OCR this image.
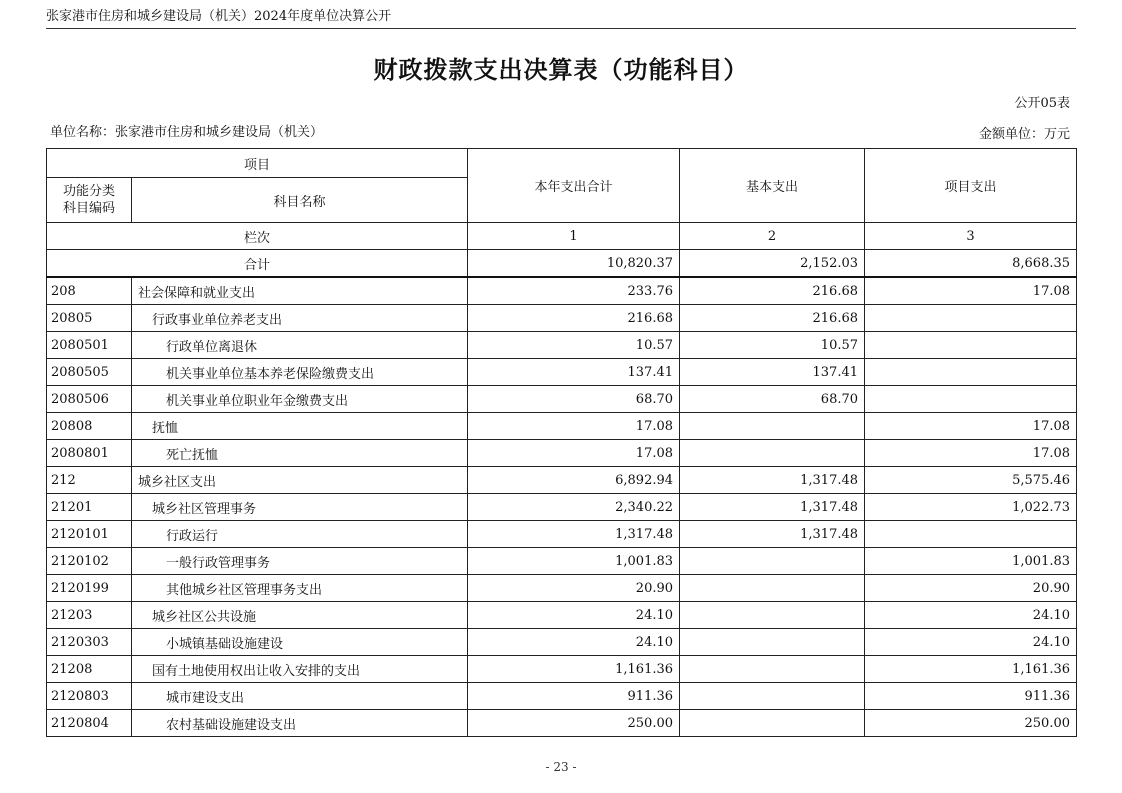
张家港市住房和城乡建设局（机关）2024年度单位决算公开
财政拨款支出决算表（功能科目）
公开05表
单位名称：张家港市住房和城乡建设局（机关）	金额单位：万元
项目		本年支出合计	基本支出	项目支出
功能分类
科目编码	科目名称			
栏次		1	2	3
合计		10,820.37	2,152.03	8,668.35
208	社会保障和就业支出	233.76	216.68	17.08
20805	行政事业单位养老支出	216.68	216.68	
2080501	行政单位离退休	10.57	10.57	
2080505	机关事业单位基本养老保险缴费支出	137.41	137.41	
2080506	机关事业单位职业年金缴费支出	68.70	68.70	
20808	抚恤	17.08		17.08
2080801	死亡抚恤	17.08		17.08
212	城乡社区支出	6,892.94	1,317.48	5,575.46
21201	城乡社区管理事务	2,340.22	1,317.48	1,022.73
2120101	行政运行	1,317.48	1,317.48	
2120102	一般行政管理事务	1,001.83		1,001.83
2120199	其他城乡社区管理事务支出	20.90		20.90
21203	城乡社区公共设施	24.10		24.10
2120303	小城镇基础设施建设	24.10		24.10
21208	国有土地使用权出让收入安排的支出	1,161.36		1,161.36
2120803	城市建设支出	911.36		911.36
2120804	农村基础设施建设支出	250.00		250.00
- 23 -
